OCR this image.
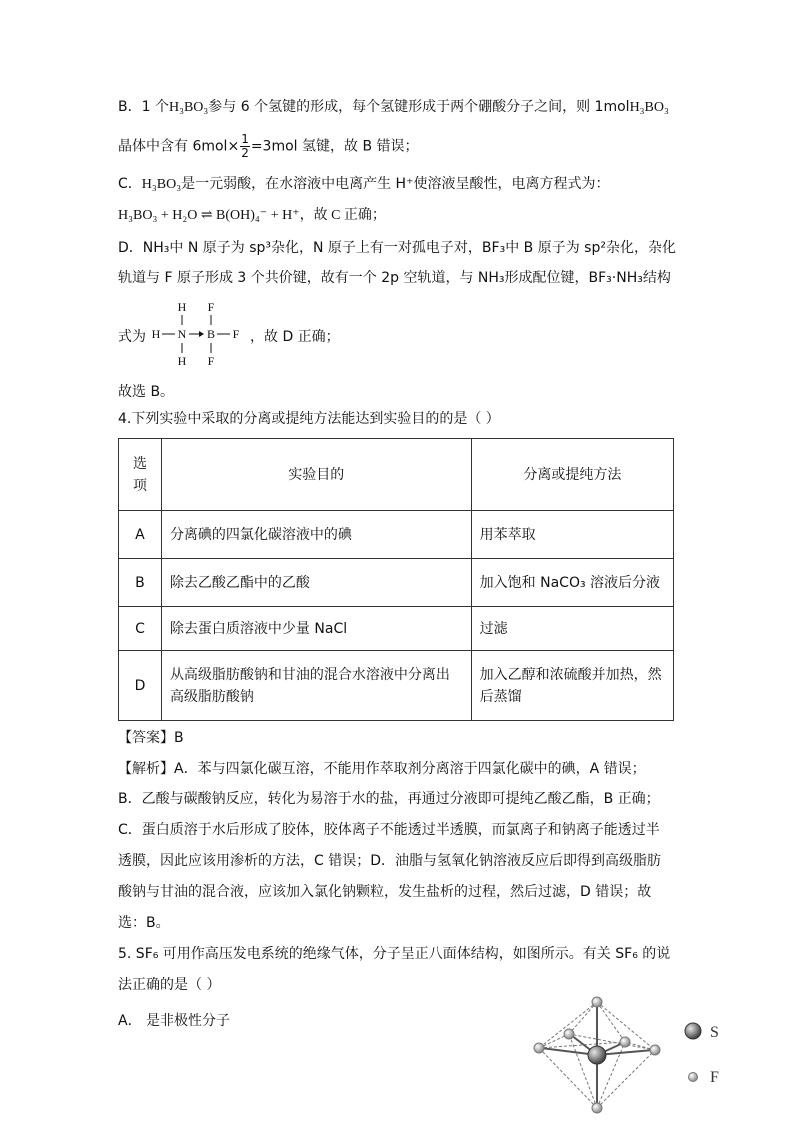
B．1 个H₃BO₃参与 6 个氢键的形成，每个氢键形成于两个硼酸分子之间，则 1molH₃BO₃
晶体中含有 $6mol\times \frac{1}{2} =3mol$ 氢键，故 B 错误；
C．H₃BO₃是一元弱酸，在水溶液中电离产生 H⁺使溶液呈酸性，电离方程式为：
H₃BO₃ + H₂O ⇌ B(OH)₄⁻ + H⁺，故 C 正确；
D．NH₃中 N 原子为 sp³杂化，N 原子上有一对孤电子对，BF₃中 B 原子为 sp²杂化，杂化
轨道与 F 原子形成 3 个共价键，故有一个 2p 空轨道，与 NH₃形成配位键，BF₃·NH₃结构
式为
H F
H N B F
H F
，故 D 正确；
故选 B。
4.下列实验中采取的分离或提纯方法能达到实验目的的是（ ）
选
项	实验目的	分离或提纯方法
A	分离碘的四氯化碳溶液中的碘	用苯萃取
B	除去乙酸乙酯中的乙酸	加入饱和 NaCO₃ 溶液后分液
C	除去蛋白质溶液中少量 NaCl	过滤
D	从高级脂肪酸钠和甘油的混合水溶液中分离出高级脂肪酸钠	加入乙醇和浓硫酸并加热，然后蒸馏
【答案】B
【解析】A．苯与四氯化碳互溶，不能用作萃取剂分离溶于四氯化碳中的碘，A 错误；
B．乙酸与碳酸钠反应，转化为易溶于水的盐，再通过分液即可提纯乙酸乙酯，B 正确；
C．蛋白质溶于水后形成了胶体，胶体离子不能透过半透膜，而氯离子和钠离子能透过半
透膜，因此应该用渗析的方法，C 错误；D．油脂与氢氧化钠溶液反应后即得到高级脂肪
酸钠与甘油的混合液，应该加入氯化钠颗粒，发生盐析的过程，然后过滤，D 错误；故
选：B。
5. SF₆ 可用作高压发电系统的绝缘气体，分子呈正八面体结构，如图所示。有关 SF₆ 的说
法正确的是（ ）
A． 是非极性分子
S
F
